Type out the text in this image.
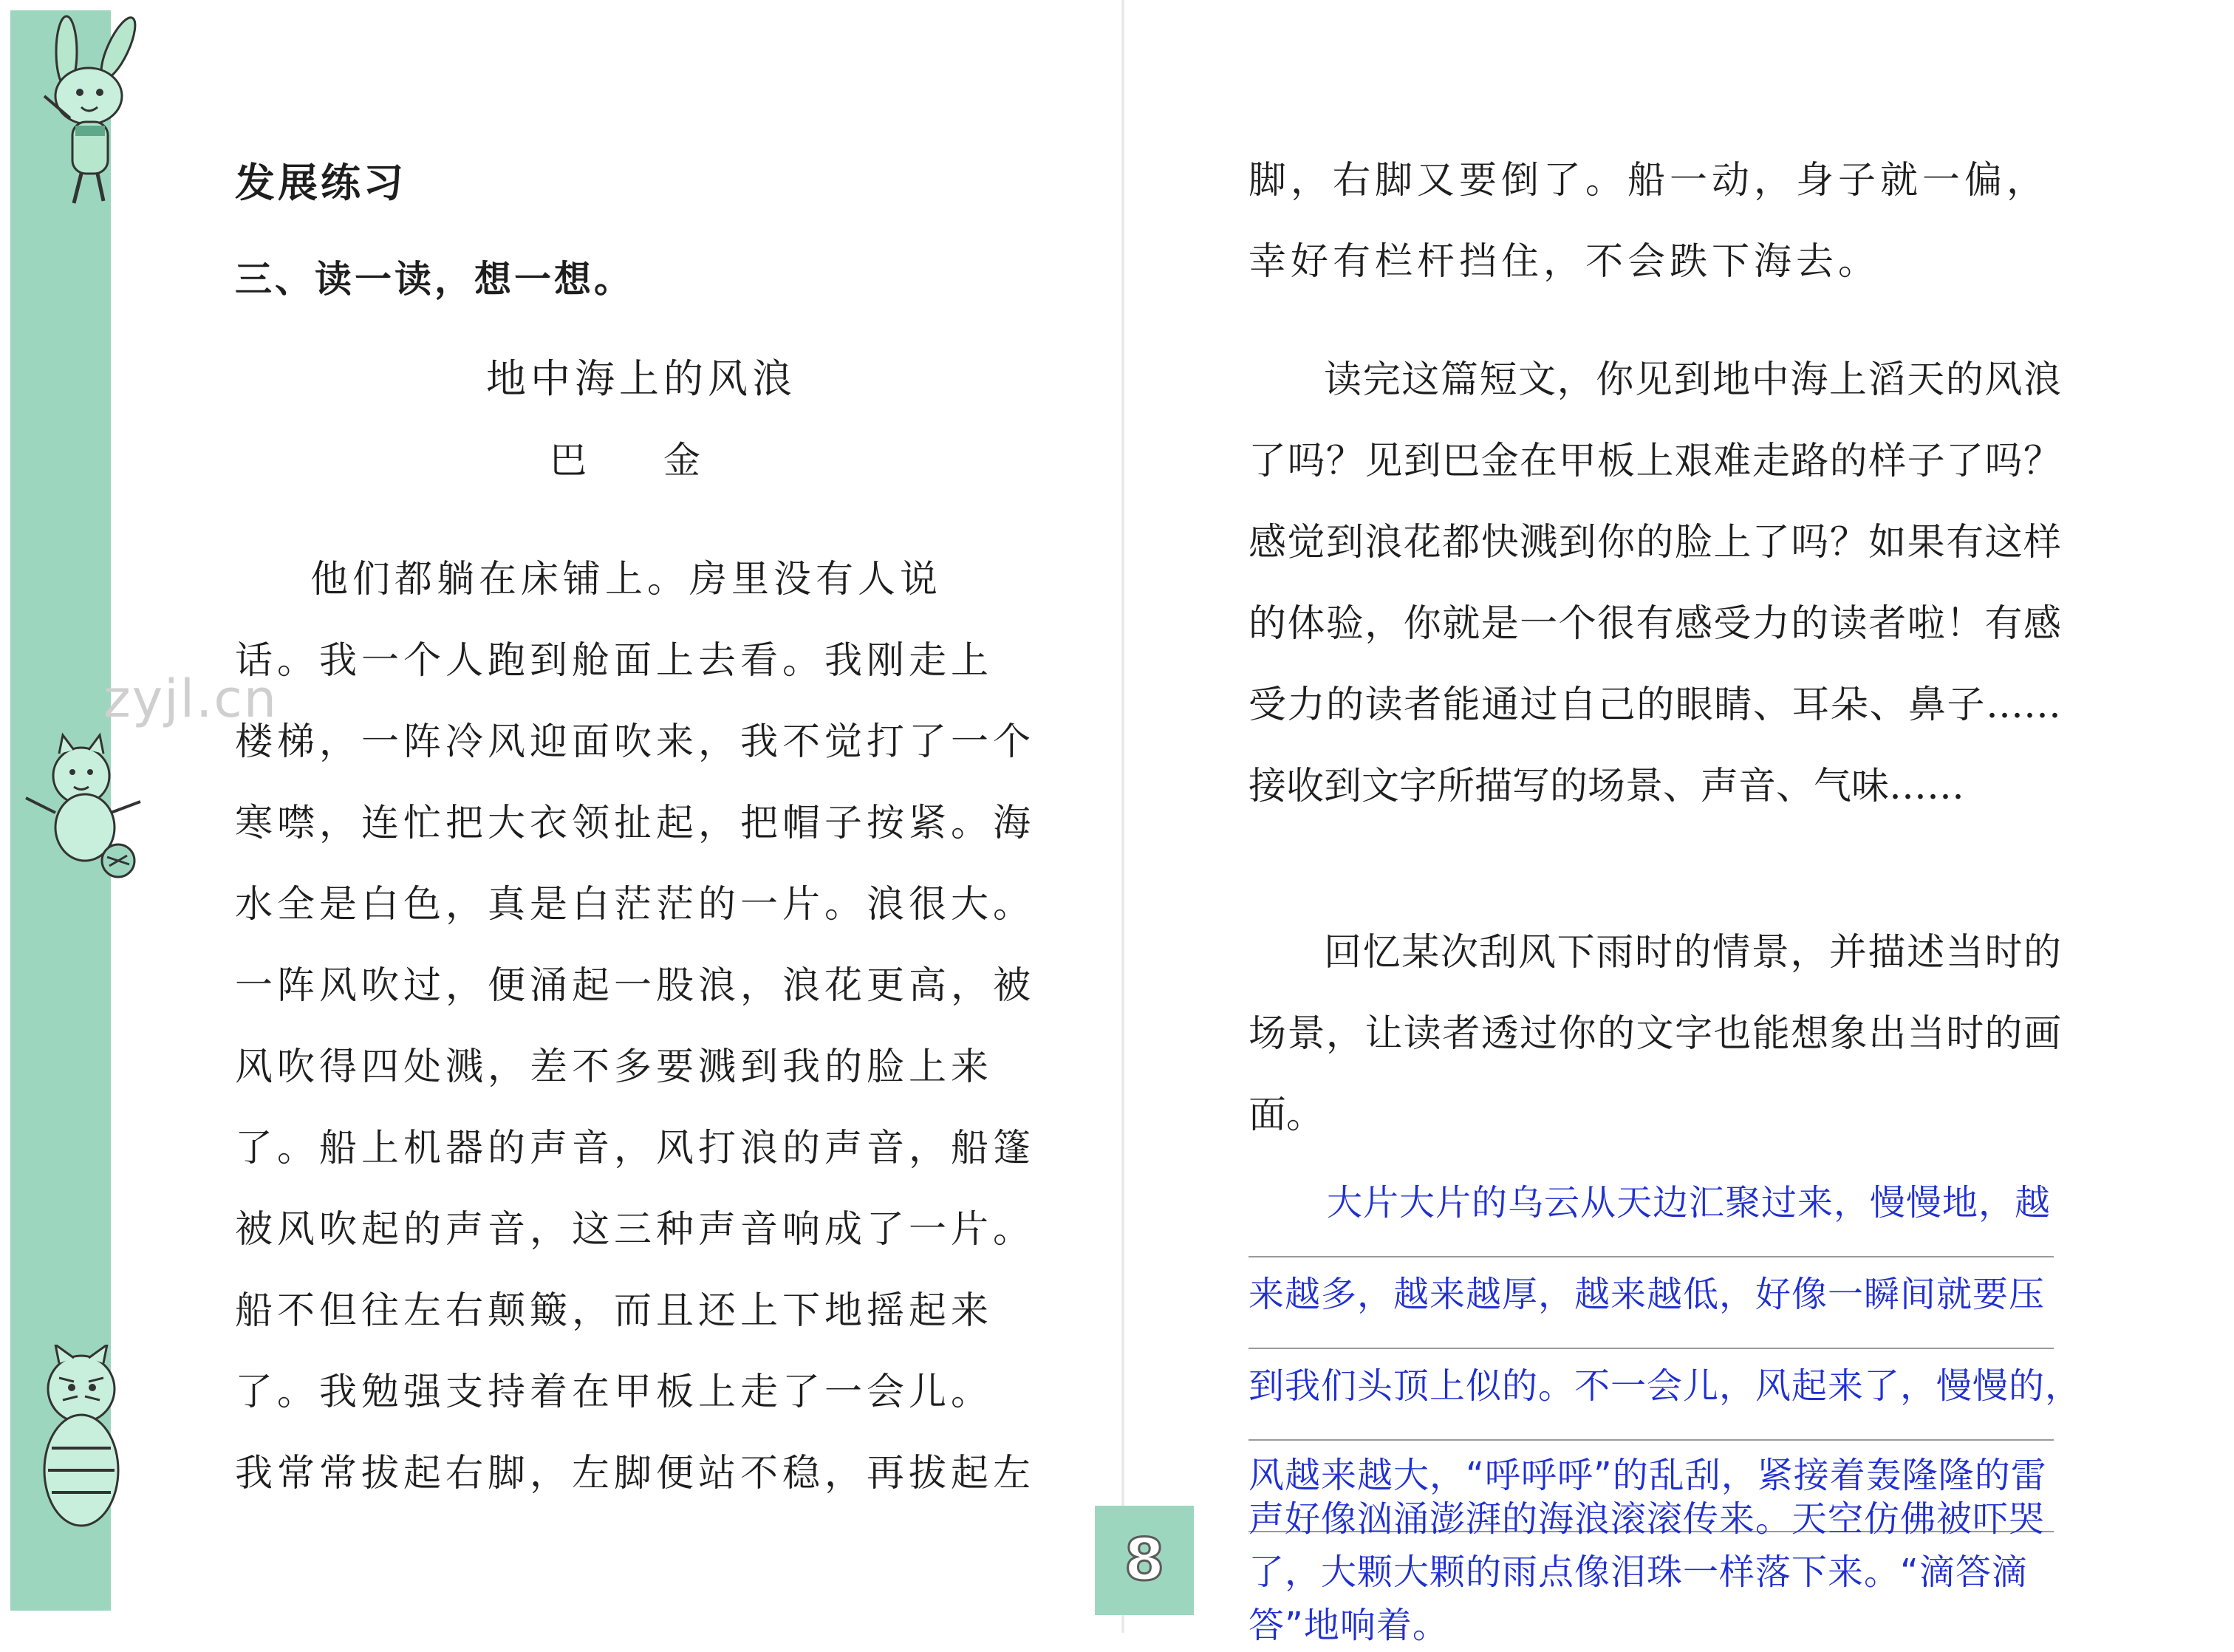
zyjl.cn
发展练习
三、读一读，想一想。
地中海上的风浪
巴 金
他们都躺在床铺上。房里没有人说
话。我一个人跑到舱面上去看。我刚走上
楼梯，一阵冷风迎面吹来，我不觉打了一个
寒噤，连忙把大衣领扯起，把帽子按紧。海
水全是白色，真是白茫茫的一片。浪很大。
一阵风吹过，便涌起一股浪，浪花更高，被
风吹得四处溅，差不多要溅到我的脸上来
了。船上机器的声音，风打浪的声音，船篷
被风吹起的声音，这三种声音响成了一片。
船不但往左右颠簸，而且还上下地摇起来
了。我勉强支持着在甲板上走了一会儿。
我常常拔起右脚，左脚便站不稳，再拔起左
8
脚，右脚又要倒了。船一动，身子就一偏，
幸好有栏杆挡住，不会跌下海去。
读完这篇短文，你见到地中海上滔天的风浪了吗？见到巴金在甲板上艰难走路的样子了吗？感觉到浪花都快溅到你的脸上了吗？如果有这样的体验，你就是一个很有感受力的读者啦！有感受力的读者能通过自己的眼睛、耳朵、鼻子……接收到文字所描写的场景、声音、气味……
回忆某次刮风下雨时的情景，并描述当时的场景，让读者透过你的文字也能想象出当时的画面。
大片大片的乌云从天边汇聚过来，慢慢地，越
来越多，越来越厚，越来越低，好像一瞬间就要压
到我们头顶上似的。不一会儿，风起来了，慢慢的，
风越来越大，“呼呼呼”的乱刮，紧接着轰隆隆的雷
声好像汹涌澎湃的海浪滚滚传来。天空仿佛被吓哭
了，大颗大颗的雨点像泪珠一样落下来。“滴答滴
答”地响着。
